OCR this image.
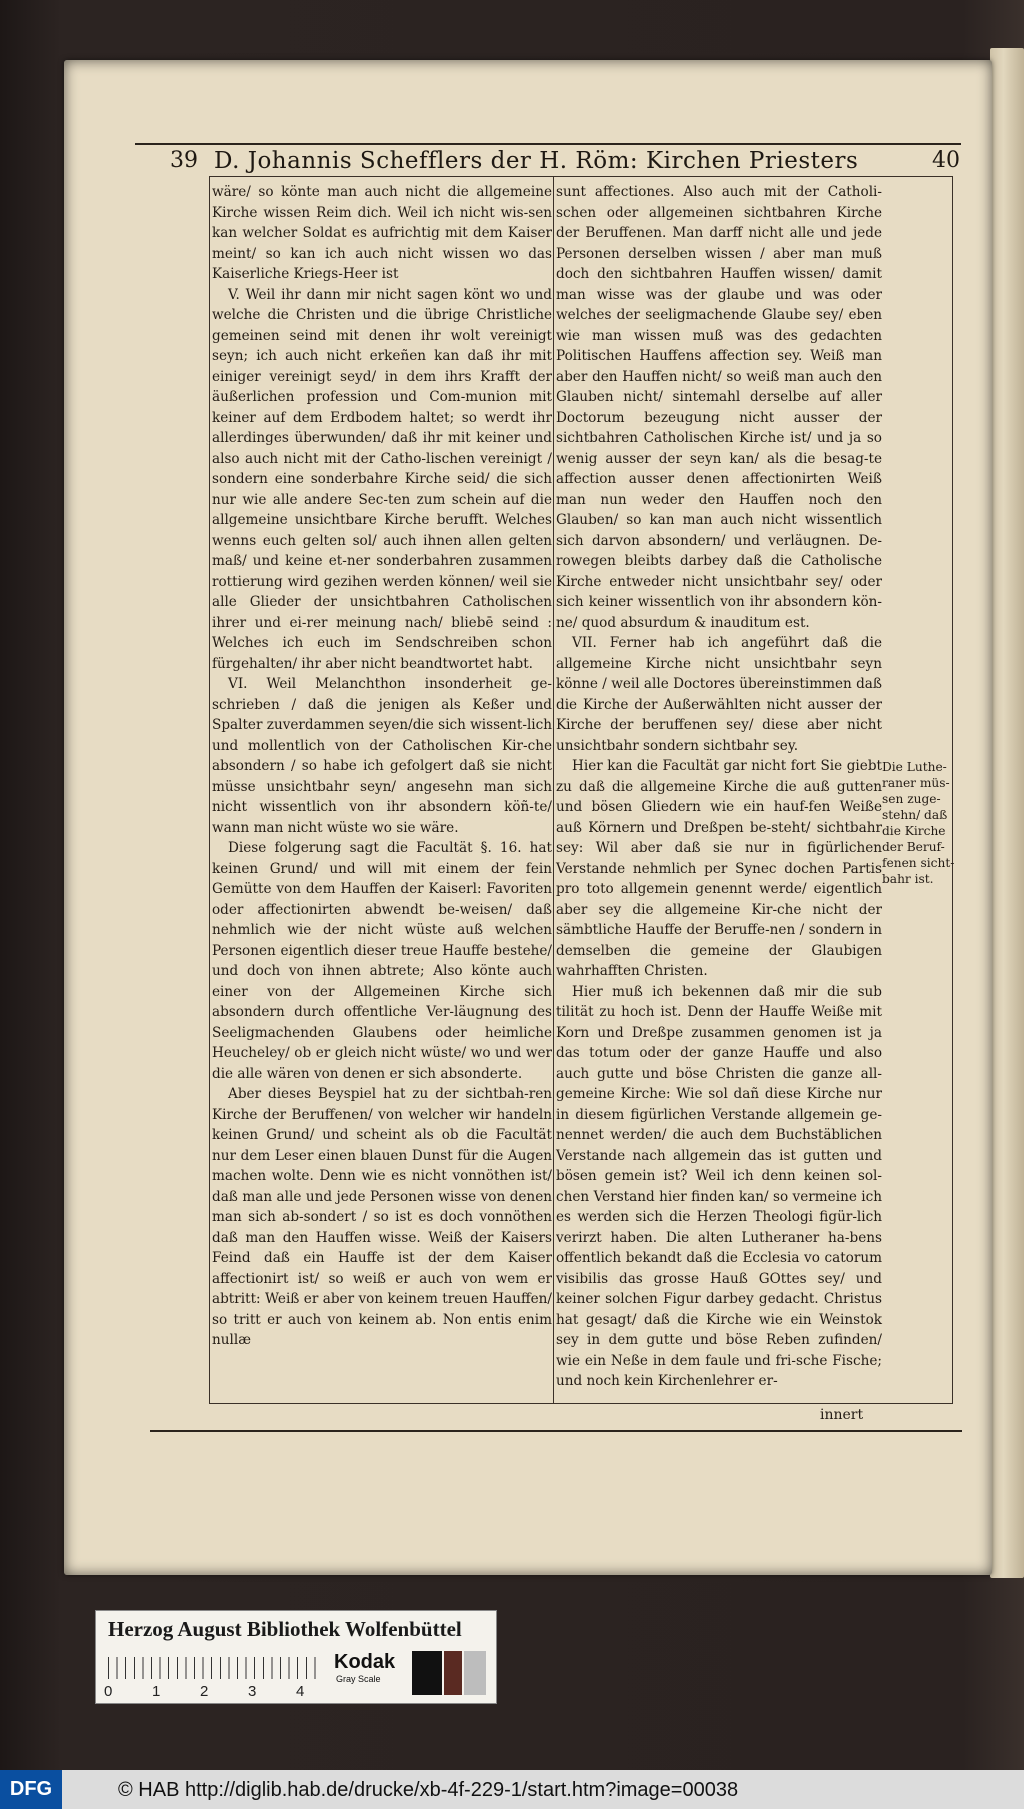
39 D. Johannis Schefflers der H. Röm: Kirchen Priesters	40

wäre/ so könte man auch nicht die allgemeine Kirche wissen Reim dich. Weil ich nicht wis-sen kan welcher Soldat es aufrichtig mit dem Kaiser meint/ so kan ich auch nicht wissen wo das Kaiserliche Kriegs-Heer ist

V. Weil ihr dann mir nicht sagen könt wo und welche die Christen und die übrige Christliche gemeinen seind mit denen ihr wolt vereinigt seyn; ich auch nicht erkeñen kan daß ihr mit einiger vereinigt seyd/ in dem ihrs Krafft der äußerlichen profession und Com-munion mit keiner auf dem Erdbodem haltet; so werdt ihr allerdinges überwunden/ daß ihr mit keiner und also auch nicht mit der Catho-lischen vereinigt / sondern eine sonderbahre Kirche seid/ die sich nur wie alle andere Sec-ten zum schein auf die allgemeine unsichtbare Kirche berufft. Welches wenns euch gelten sol/ auch ihnen allen gelten maß/ und keine et-ner sonderbahren zusammen rottierung wird gezihen werden können/ weil sie alle Glieder der unsichtbahren Catholischen ihrer und ei-rer meinung nach/ bliebē seind : Welches ich euch im Sendschreiben schon fürgehalten/ ihr aber nicht beandtwortet habt.

VI. Weil Melanchthon insonderheit ge-schrieben / daß die jenigen als Keßer und Spalter zuverdammen seyen/die sich wissent-lich und mollentlich von der Catholischen Kir-che absondern / so habe ich gefolgert daß sie nicht müsse unsichtbahr seyn/ angesehn man sich nicht wissentlich von ihr absondern köñ-te/ wann man nicht wüste wo sie wäre.

Diese folgerung sagt die Facultät §. 16. hat keinen Grund/ und will mit einem der fein Gemütte von dem Hauffen der Kaiserl: Favoriten oder affectionirten abwendt be-weisen/ daß nehmlich wie der nicht wüste auß welchen Personen eigentlich dieser treue Hauffe bestehe/ und doch von ihnen abtrete; Also könte auch einer von der Allgemeinen Kirche sich absondern durch offentliche Ver-läugnung des Seeligmachenden Glaubens oder heimliche Heucheley/ ob er gleich nicht wüste/ wo und wer die alle wären von denen er sich absonderte.

Aber dieses Beyspiel hat zu der sichtbah-ren Kirche der Beruffenen/ von welcher wir handeln keinen Grund/ und scheint als ob die Facultät nur dem Leser einen blauen Dunst für die Augen machen wolte. Denn wie es nicht vonnöthen ist/ daß man alle und jede Personen wisse von denen man sich ab-sondert / so ist es doch vonnöthen daß man den Hauffen wisse. Weiß der Kaisers Feind daß ein Hauffe ist der dem Kaiser affectionirt ist/ so weiß er auch von wem er abtritt: Weiß er aber von keinem treuen Hauffen/ so tritt er auch von keinem ab. Non entis enim nullæ

sunt affectiones. Also auch mit der Catholi-schen oder allgemeinen sichtbahren Kirche der Beruffenen. Man darff nicht alle und jede Personen derselben wissen / aber man muß doch den sichtbahren Hauffen wissen/ damit man wisse was der glaube und was oder welches der seeligmachende Glaube sey/ eben wie man wissen muß was des gedachten Politischen Hauffens affection sey. Weiß man aber den Hauffen nicht/ so weiß man auch den Glauben nicht/ sintemahl derselbe auf aller Doctorum bezeugung nicht ausser der sichtbahren Catholischen Kirche ist/ und ja so wenig ausser der seyn kan/ als die besag-te affection ausser denen affectionirten Weiß man nun weder den Hauffen noch den Glauben/ so kan man auch nicht wissentlich sich darvon absondern/ und verläugnen. De-rowegen bleibts darbey daß die Catholische Kirche entweder nicht unsichtbahr sey/ oder sich keiner wissentlich von ihr absondern kön-ne/ quod absurdum & inauditum est.

VII. Ferner hab ich angeführt daß die allgemeine Kirche nicht unsichtbahr seyn könne / weil alle Doctores übereinstimmen daß die Kirche der Außerwählten nicht ausser der Kirche der beruffenen sey/ diese aber nicht unsichtbahr sondern sichtbahr sey.

Hier kan die Facultät gar nicht fort Sie giebt zu daß die allgemeine Kirche die auß gutten und bösen Gliedern wie ein hauf-fen Weiße auß Körnern und Dreßpen be-steht/ sichtbahr sey: Wil aber daß sie nur in figürlichen Verstande nehmlich per Synec dochen Partis pro toto allgemein genennt werde/ eigentlich aber sey die allgemeine Kir-che nicht der sämbtliche Hauffe der Beruffe-nen / sondern in demselben die gemeine der Glaubigen wahrhafften Christen.

Hier muß ich bekennen daß mir die sub tilität zu hoch ist. Denn der Hauffe Weiße mit Korn und Dreßpe zusammen genomen ist ja das totum oder der ganze Hauffe und also auch gutte und böse Christen die ganze all-gemeine Kirche: Wie sol dañ diese Kirche nur in diesem figürlichen Verstande allgemein ge-nennet werden/ die auch dem Buchstäblichen Verstande nach allgemein das ist gutten und bösen gemein ist? Weil ich denn keinen sol-chen Verstand hier finden kan/ so vermeine ich es werden sich die Herzen Theologi figür-lich verirzt haben. Die alten Lutheraner ha-bens offentlich bekandt daß die Ecclesia vo catorum visibilis das grosse Hauß GOttes sey/ und keiner solchen Figur darbey gedacht. Christus hat gesagt/ daß die Kirche wie ein Weinstok sey in dem gutte und böse Reben zufinden/ wie ein Neße in dem faule und fri-sche Fische; und noch kein Kirchenlehrer er-

Die Luthe-raner müs-sen zuge-stehn/ daß die Kirche der Beruf-fenen sicht-bahr ist.
innert
Herzog August Bibliothek Wolfenbüttel
0	1	2	3	4
Kodak
Gray Scale
DFG	© HAB http://diglib.hab.de/drucke/xb-4f-229-1/start.htm?image=00038
